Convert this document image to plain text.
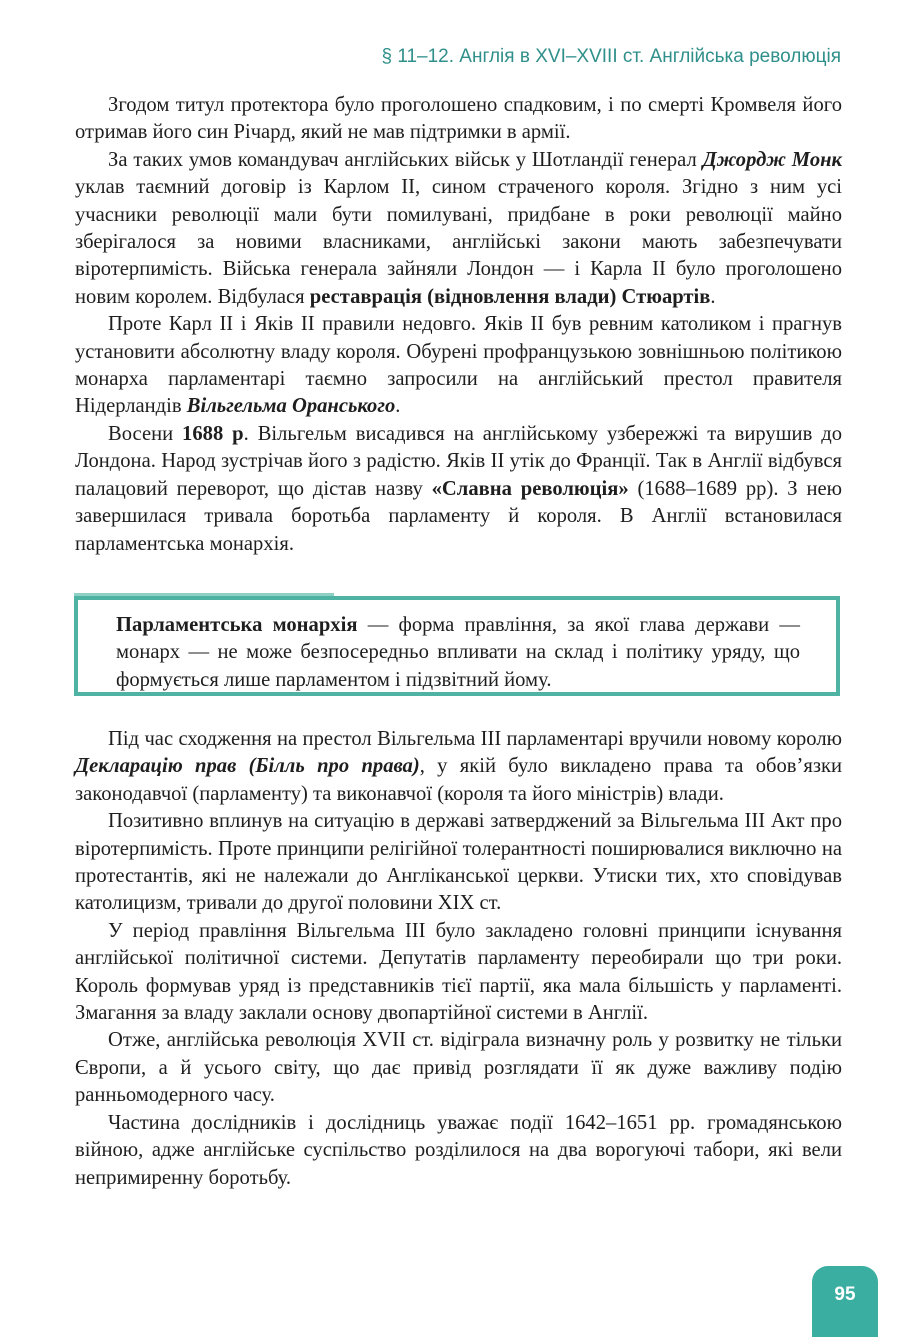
§ 11–12. Англія в XVI–XVIII ст. Англійська революція

Згодом титул протектора було проголошено спадковим, і по смерті Кромвеля його отримав його син Річард, який не мав підтримки в армії.

За таких умов командувач англійських військ у Шотландії генерал Джордж Монк уклав таємний договір із Карлом II, сином страченого короля. Згідно з ним усі учасники революції мали бути помилувані, придбане в роки революції майно зберігалося за новими власниками, англійські закони мають забезпечувати віротерпимість. Війська генерала зайняли Лондон — і Карла II було проголошено новим королем. Відбулася реставрація (відновлення влади) Стюартів.

Проте Карл II і Яків II правили недовго. Яків II був ревним католиком і прагнув установити абсолютну владу короля. Обурені профранцузькою зовнішньою політикою монарха парламентарі таємно запросили на англійський престол правителя Нідерландів Вільгельма Оранського.

Восени 1688 р. Вільгельм висадився на англійському узбережжі та вирушив до Лондона. Народ зустрічав його з радістю. Яків II утік до Франції. Так в Англії відбувся палацовий переворот, що дістав назву «Славна революція» (1688–1689 рр). З нею завершилася тривала боротьба парламенту й короля. В Англії встановилася парламентська монархія.

Парламентська монархія — форма правління, за якої глава держави — монарх — не може безпосередньо впливати на склад і політику уряду, що формується лише парламентом і підзвітний йому.

Під час сходження на престол Вільгельма III парламентарі вручили новому королю Декларацію прав (Білль про права), у якій було викладено права та обов’язки законодавчої (парламенту) та виконавчої (короля та його міністрів) влади.

Позитивно вплинув на ситуацію в державі затверджений за Вільгельма III Акт про віротерпимість. Проте принципи релігійної толерантності поширювалися виключно на протестантів, які не належали до Англіканської церкви. Утиски тих, хто сповідував католицизм, тривали до другої половини XIX ст.

У період правління Вільгельма III було закладено головні принципи існування англійської політичної системи. Депутатів парламенту переобирали що три роки. Король формував уряд із представників тієї партії, яка мала більшість у парламенті. Змагання за владу заклали основу двопартійної системи в Англії.

Отже, англійська революція XVII ст. відіграла визначну роль у розвитку не тільки Європи, а й усього світу, що дає привід розглядати її як дуже важливу подію ранньомодерного часу.

Частина дослідників і дослідниць уважає події 1642–1651 рр. громадянською війною, адже англійське суспільство розділилося на два ворогуючі табори, які вели непримиренну боротьбу.

95
